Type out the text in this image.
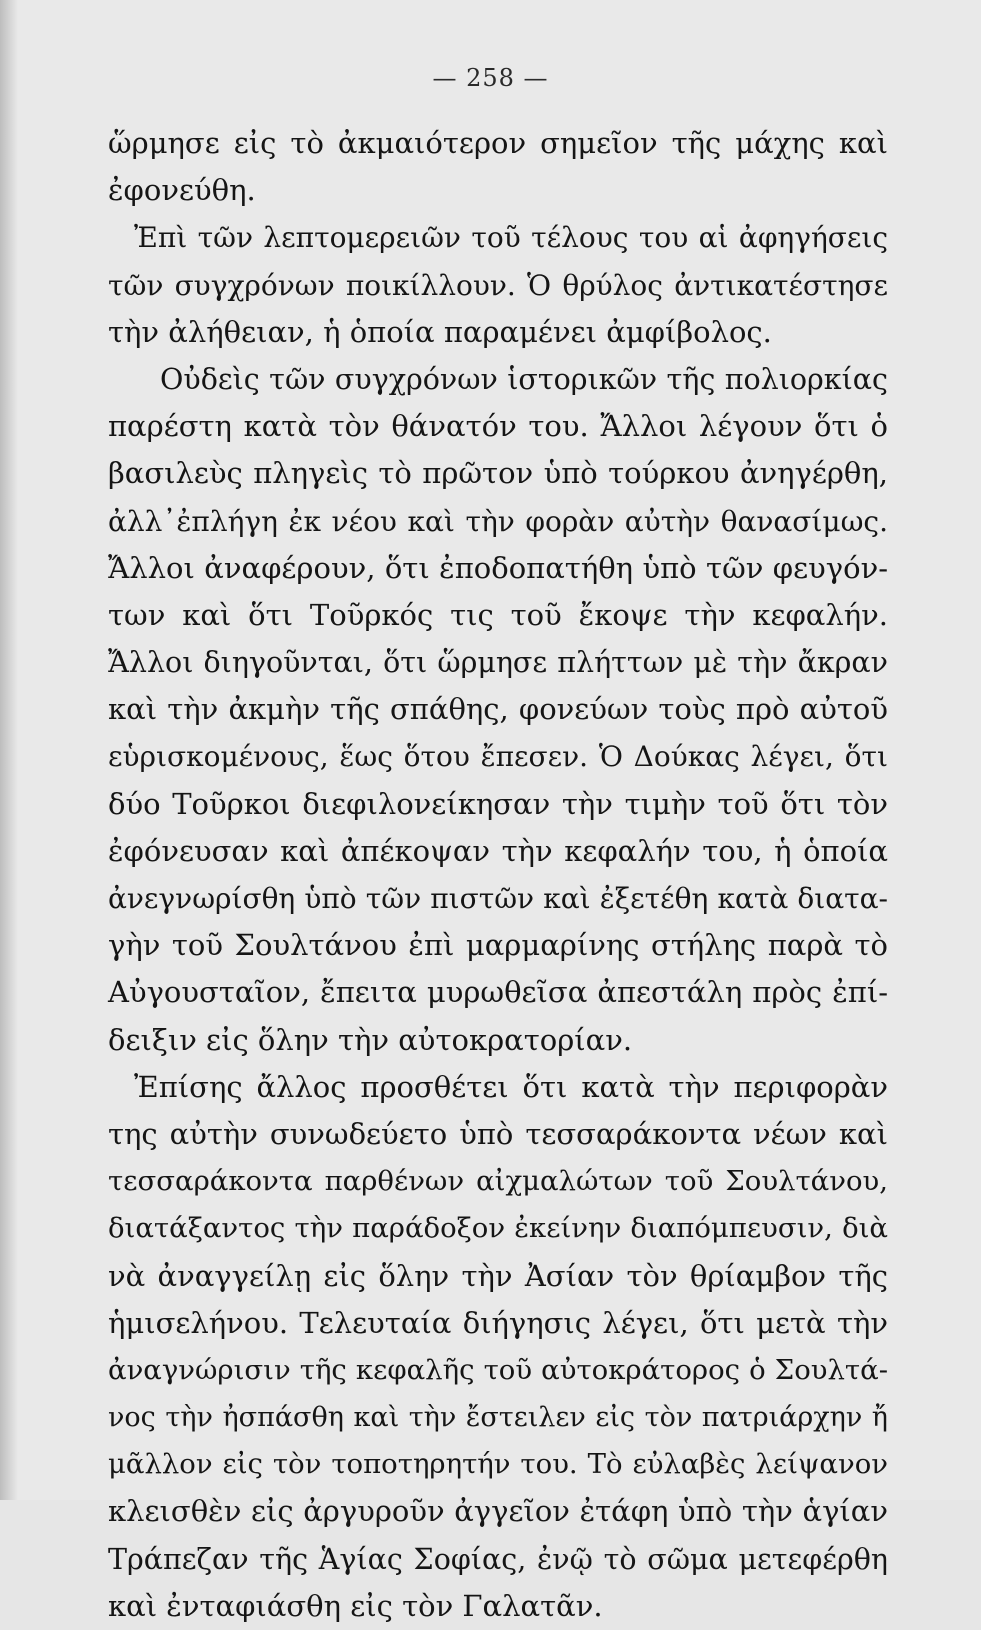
— 258 —
ὥρμησε εἰς τὸ ἀκμαιότερον σημεῖον τῆς μάχης καὶ
ἐφονεύθη.
Ἐπὶ τῶν λεπτομερειῶν τοῦ τέλους του αἱ ἀφηγήσεις
τῶν συγχρόνων ποικίλλουν. Ὁ θρύλος ἀντικατέστησε
τὴν ἀλήθειαν, ἡ ὁποία παραμένει ἀμφίβολος.
Οὐδεὶς τῶν συγχρόνων ἱστορικῶν τῆς πολιορκίας
παρέστη κατὰ τὸν θάνατόν του. Ἄλλοι λέγουν ὅτι ὁ
βασιλεὺς πληγεὶς τὸ πρῶτον ὑπὸ τούρκου ἀνηγέρθη,
ἀλλ᾽ἐπλήγη ἐκ νέου καὶ τὴν φορὰν αὐτὴν θανασίμως.
Ἄλλοι ἀναφέρουν, ὅτι ἐποδοπατήθη ὑπὸ τῶν φευγόν-
των καὶ ὅτι Τοῦρκός τις τοῦ ἔκοψε τὴν κεφαλήν.
Ἄλλοι διηγοῦνται, ὅτι ὥρμησε πλήττων μὲ τὴν ἄκραν
καὶ τὴν ἀκμὴν τῆς σπάθης, φονεύων τοὺς πρὸ αὐτοῦ
εὑρισκομένους, ἕως ὅτου ἔπεσεν. Ὁ Δούκας λέγει, ὅτι
δύο Τοῦρκοι διεφιλονείκησαν τὴν τιμὴν τοῦ ὅτι τὸν
ἐφόνευσαν καὶ ἀπέκοψαν τὴν κεφαλήν του, ἡ ὁποία
ἀνεγνωρίσθη ὑπὸ τῶν πιστῶν καὶ ἐξετέθη κατὰ διατα-
γὴν τοῦ Σουλτάνου ἐπὶ μαρμαρίνης στήλης παρὰ τὸ
Αὐγουσταῖον, ἔπειτα μυρωθεῖσα ἀπεστάλη πρὸς ἐπί-
δειξιν εἰς ὅλην τὴν αὐτοκρατορίαν.
Ἐπίσης ἄλλος προσθέτει ὅτι κατὰ τὴν περιφορὰν
της αὐτὴν συνωδεύετο ὑπὸ τεσσαράκοντα νέων καὶ
τεσσαράκοντα παρθένων αἰχμαλώτων τοῦ Σουλτάνου,
διατάξαντος τὴν παράδοξον ἐκείνην διαπόμπευσιν, διὰ
νὰ ἀναγγείλῃ εἰς ὅλην τὴν Ἀσίαν τὸν θρίαμβον τῆς
ἡμισελήνου. Τελευταία διήγησις λέγει, ὅτι μετὰ τὴν
ἀναγνώρισιν τῆς κεφαλῆς τοῦ αὐτοκράτορος ὁ Σουλτά-
νος τὴν ἠσπάσθη καὶ τὴν ἔστειλεν εἰς τὸν πατριάρχην ἤ
μᾶλλον εἰς τὸν τοποτηρητήν του. Τὸ εὐλαβὲς λείψανον
κλεισθὲν εἰς ἀργυροῦν ἀγγεῖον ἐτάφη ὑπὸ τὴν ἁγίαν
Τράπεζαν τῆς Ἁγίας Σοφίας, ἐνῷ τὸ σῶμα μετεφέρθη
καὶ ἐνταφιάσθη εἰς τὸν Γαλατᾶν.
